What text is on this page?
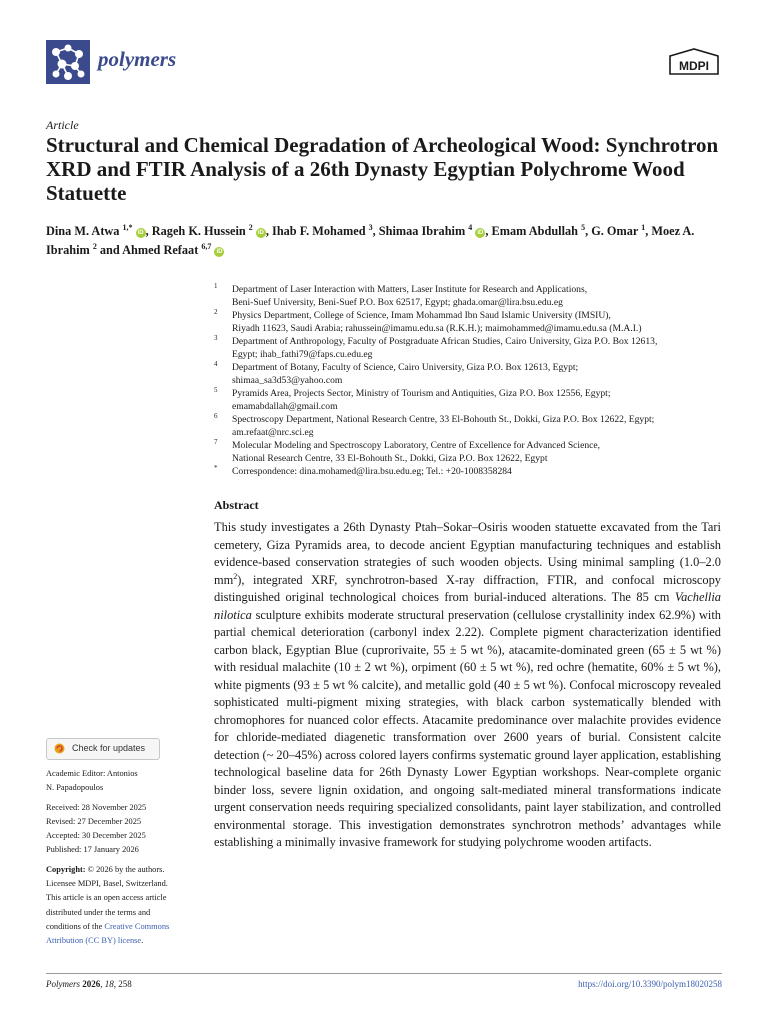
polymers	MDPI
Article
Structural and Chemical Degradation of Archeological Wood: Synchrotron XRD and FTIR Analysis of a 26th Dynasty Egyptian Polychrome Wood Statuette
Dina M. Atwa $^{1,*}$ iD , Rageh K. Hussein $^2$ iD , Ihab F. Mohamed $^3$, Shimaa Ibrahim $^4$ iD , Emam Abdullah $^5$, G. Omar $^1$, Moez A. Ibrahim $^2$ and Ahmed Refaat $^{6,7}$ iD
1 Department of Laser Interaction with Matters, Laser Institute for Research and Applications,
Beni-Suef University, Beni-Suef P.O. Box 62517, Egypt; ghada.omar@lira.bsu.edu.eg
2 Physics Department, College of Science, Imam Mohammad Ibn Saud Islamic University (IMSIU),
Riyadh 11623, Saudi Arabia; rahussein@imamu.edu.sa (R.K.H.); maimohammed@imamu.edu.sa (M.A.I.)
3 Department of Anthropology, Faculty of Postgraduate African Studies, Cairo University, Giza P.O. Box 12613,
Egypt; ihab_fathi79@faps.cu.edu.eg
4 Department of Botany, Faculty of Science, Cairo University, Giza P.O. Box 12613, Egypt;
shimaa_sa3d53@yahoo.com
5 Pyramids Area, Projects Sector, Ministry of Tourism and Antiquities, Giza P.O. Box 12556, Egypt;
emamabdallah@gmail.com
6 Spectroscopy Department, National Research Centre, 33 El-Bohouth St., Dokki, Giza P.O. Box 12622, Egypt;
am.refaat@nrc.sci.eg
7 Molecular Modeling and Spectroscopy Laboratory, Centre of Excellence for Advanced Science,
National Research Centre, 33 El-Bohouth St., Dokki, Giza P.O. Box 12622, Egypt
* Correspondence: dina.mohamed@lira.bsu.edu.eg; Tel.: +20-1008358284
Abstract
This study investigates a 26th Dynasty Ptah–Sokar–Osiris wooden statuette excavated from the Tari cemetery, Giza Pyramids area, to decode ancient Egyptian manufacturing techniques and establish evidence-based conservation strategies of such wooden objects. Using minimal sampling (1.0–2.0 $mm^2$), integrated XRF, synchrotron-based X-ray diffraction, FTIR, and confocal microscopy distinguished original technological choices from burial-induced alterations. The 85 cm Vachellia nilotica sculpture exhibits moderate structural preservation (cellulose crystallinity index 62.9%) with partial chemical deterioration (carbonyl index 2.22). Complete pigment characterization identified carbon black, Egyptian Blue (cuprorivaite, 55 ± 5 wt %), atacamite-dominated green (65 ± 5 wt %) with residual malachite (10 ± 2 wt %), orpiment (60 ± 5 wt %), red ochre (hematite, 60% ± 5 wt %), white pigments (93 ± 5 wt % calcite), and metallic gold (40 ± 5 wt %). Confocal microscopy revealed sophisticated multi-pigment mixing strategies, with black carbon systematically blended with chromophores for nuanced color effects. Atacamite predominance over malachite provides evidence for chloride-mediated diagenetic transformation over 2600 years of burial. Consistent calcite detection (~ 20–45%) across colored layers confirms systematic ground layer application, establishing technological baseline data for 26th Dynasty Lower Egyptian workshops. Near-complete organic binder loss, severe lignin oxidation, and ongoing salt-mediated mineral transformations indicate urgent conservation needs requiring specialized consolidants, paint layer stabilization, and controlled environmental storage. This investigation demonstrates synchrotron methods’ advantages while establishing a minimally invasive framework for studying polychrome wooden artifacts.
Check for updates

Academic Editor: Antonios

N. Papadopoulos

Received: 28 November 2025

Revised: 27 December 2025

Accepted: 30 December 2025

Published: 17 January 2026

Copyright: © 2026 by the authors.

Licensee MDPI, Basel, Switzerland.

This article is an open access article

distributed under the terms and

conditions of the Creative Commons

Attribution (CC BY) license.

Polymers 2026, 18, 258	https://doi.org/10.3390/polym18020258
